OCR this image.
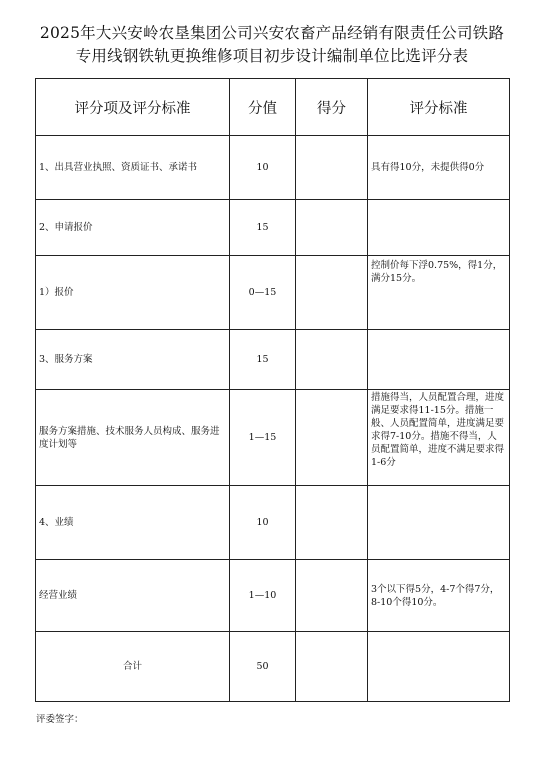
2025年大兴安岭农垦集团公司兴安农畜产品经销有限责任公司铁路
专用线钢铁轨更换维修项目初步设计编制单位比选评分表
评分项及评分标准	分值	得分	评分标准
1、出具营业执照、资质证书、承诺书	10		具有得10分，未提供得0分
2、申请报价	15		
1）报价	0—15		控制价每下浮0.75%，得1分，满分15分。
3、服务方案	15		
服务方案措施、技术服务人员构成、服务进度计划等	1—15		措施得当，人员配置合理，进度满足要求得11-15分。措施一般、人员配置简单，进度满足要求得7-10分。措施不得当，人员配置简单，进度不满足要求得1-6分
4、业绩	10		
经营业绩	1—10		3个以下得5分，4-7个得7分，8-10个得10分。
合计	50		
评委签字：
